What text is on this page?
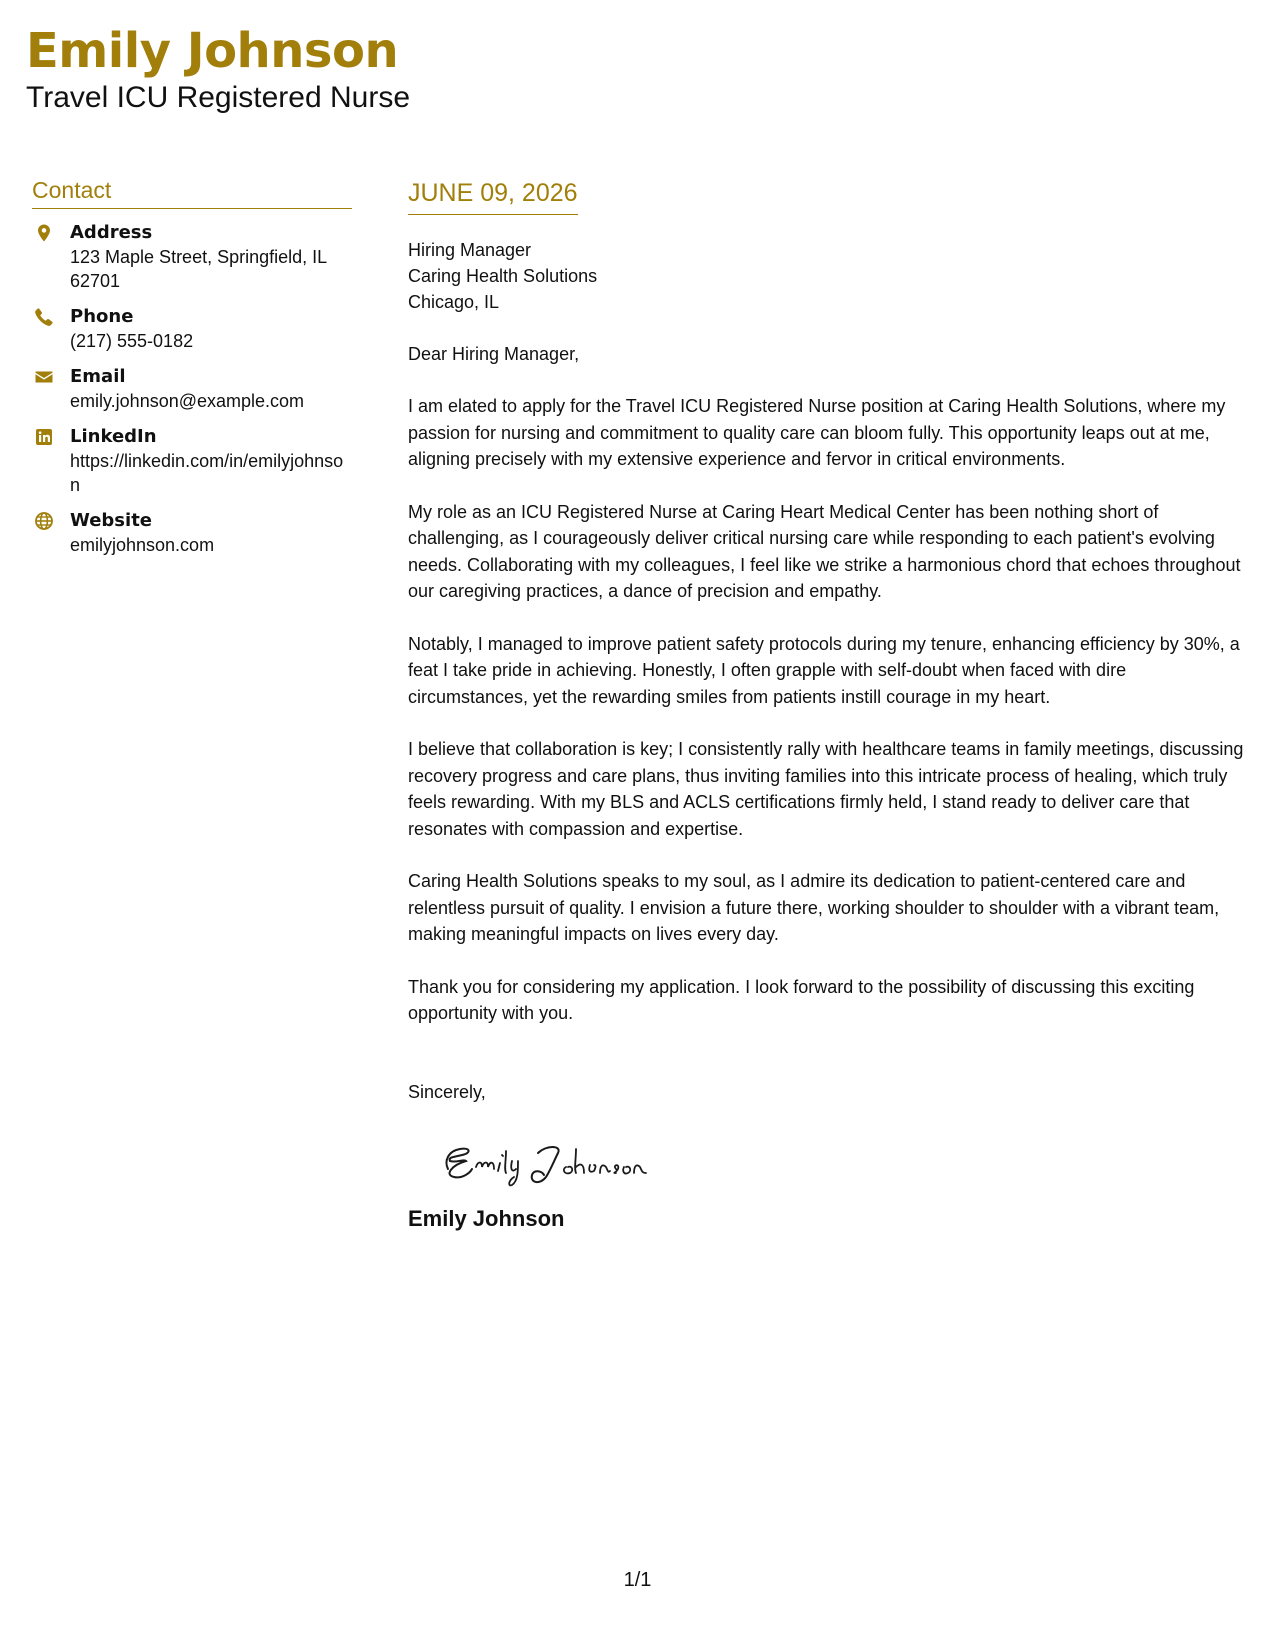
Emily Johnson
Travel ICU Registered Nurse
Contact
Address
123 Maple Street, Springfield, IL 62701
Phone
(217) 555-0182
Email
emily.johnson@example.com
LinkedIn
https://linkedin.com/in/emilyjohnson
Website
emilyjohnson.com
JUNE 09, 2026
Hiring Manager
Caring Health Solutions
Chicago, IL
Dear Hiring Manager,
I am elated to apply for the Travel ICU Registered Nurse position at Caring Health Solutions, where my passion for nursing and commitment to quality care can bloom fully. This opportunity leaps out at me, aligning precisely with my extensive experience and fervor in critical environments.
My role as an ICU Registered Nurse at Caring Heart Medical Center has been nothing short of challenging, as I courageously deliver critical nursing care while responding to each patient's evolving needs. Collaborating with my colleagues, I feel like we strike a harmonious chord that echoes throughout our caregiving practices, a dance of precision and empathy.
Notably, I managed to improve patient safety protocols during my tenure, enhancing efficiency by 30%, a feat I take pride in achieving. Honestly, I often grapple with self-doubt when faced with dire circumstances, yet the rewarding smiles from patients instill courage in my heart.
I believe that collaboration is key; I consistently rally with healthcare teams in family meetings, discussing recovery progress and care plans, thus inviting families into this intricate process of healing, which truly feels rewarding. With my BLS and ACLS certifications firmly held, I stand ready to deliver care that resonates with compassion and expertise.
Caring Health Solutions speaks to my soul, as I admire its dedication to patient-centered care and relentless pursuit of quality. I envision a future there, working shoulder to shoulder with a vibrant team, making meaningful impacts on lives every day.
Thank you for considering my application. I look forward to the possibility of discussing this exciting opportunity with you.
Sincerely,
Emily Johnson
1/1
